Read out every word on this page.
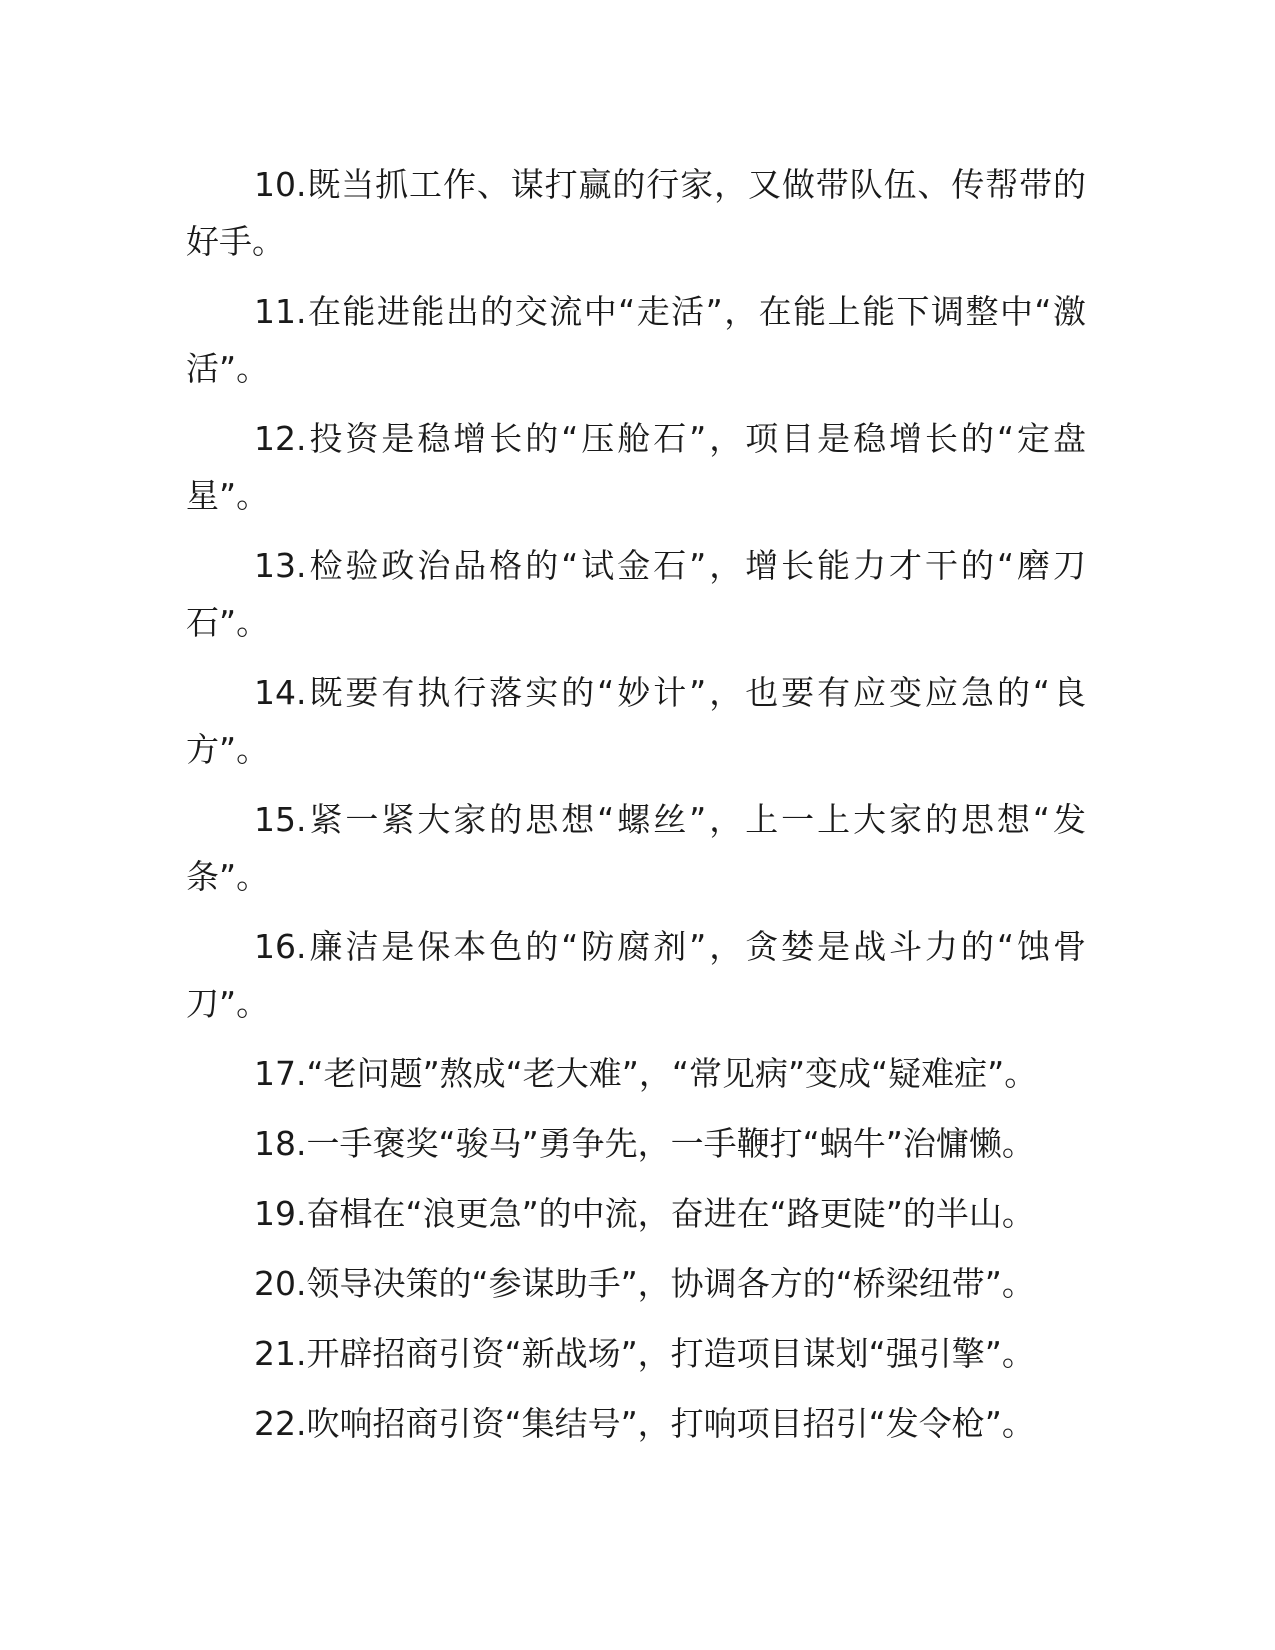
10.既当抓工作、谋打赢的行家，又做带队伍、传帮带的好手。

11.在能进能出的交流中“走活”，在能上能下调整中“激活”。

12.投资是稳增长的“压舱石”，项目是稳增长的“定盘星”。

13.检验政治品格的“试金石”，增长能力才干的“磨刀石”。

14.既要有执行落实的“妙计”，也要有应变应急的“良方”。

15.紧一紧大家的思想“螺丝”，上一上大家的思想“发条”。

16.廉洁是保本色的“防腐剂”，贪婪是战斗力的“蚀骨刀”。

17.“老问题”熬成“老大难”，“常见病”变成“疑难症”。

18.一手褒奖“骏马”勇争先，一手鞭打“蜗牛”治慵懒。

19.奋楫在“浪更急”的中流，奋进在“路更陡”的半山。

20.领导决策的“参谋助手”，协调各方的“桥梁纽带”。

21.开辟招商引资“新战场”，打造项目谋划“强引擎”。

22.吹响招商引资“集结号”，打响项目招引“发令枪”。
